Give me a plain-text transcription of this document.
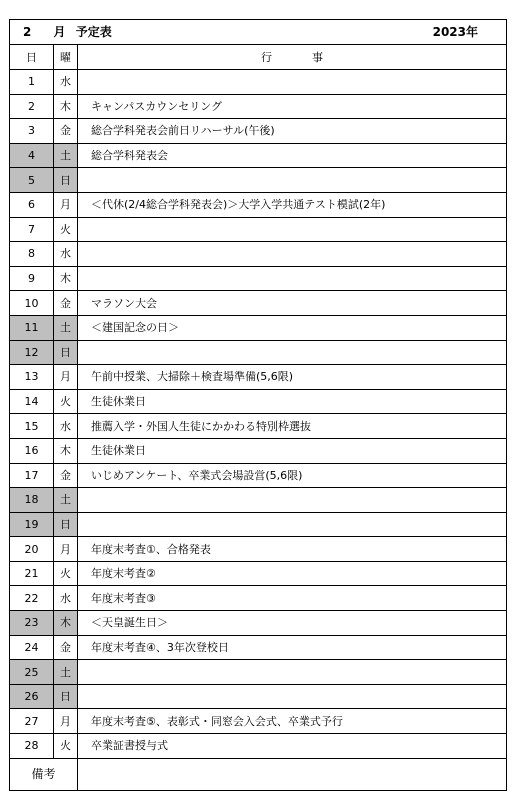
2 月 予定表 2023年		

日	曜	行 事
1	水	
2	木	キャンパスカウンセリング
3	金	総合学科発表会前日リハーサル(午後)
4	土	総合学科発表会
5	日	
6	月	＜代休(2/4総合学科発表会)＞大学入学共通テスト模試(2年)
7	火	
8	水	
9	木	
10	金	マラソン大会
11	土	＜建国記念の日＞
12	日	
13	月	午前中授業、大掃除＋検査場準備(5,6限)
14	火	生徒休業日
15	水	推薦入学・外国人生徒にかかわる特別枠選抜
16	木	生徒休業日
17	金	いじめアンケート、卒業式会場設営(5,6限)
18	土	
19	日	
20	月	年度末考査①、合格発表
21	火	年度末考査②
22	水	年度末考査③
23	木	＜天皇誕生日＞
24	金	年度末考査④、3年次登校日
25	土	
26	日	
27	月	年度末考査⑤、表彰式・同窓会入会式、卒業式予行
28	火	卒業証書授与式
備考		
